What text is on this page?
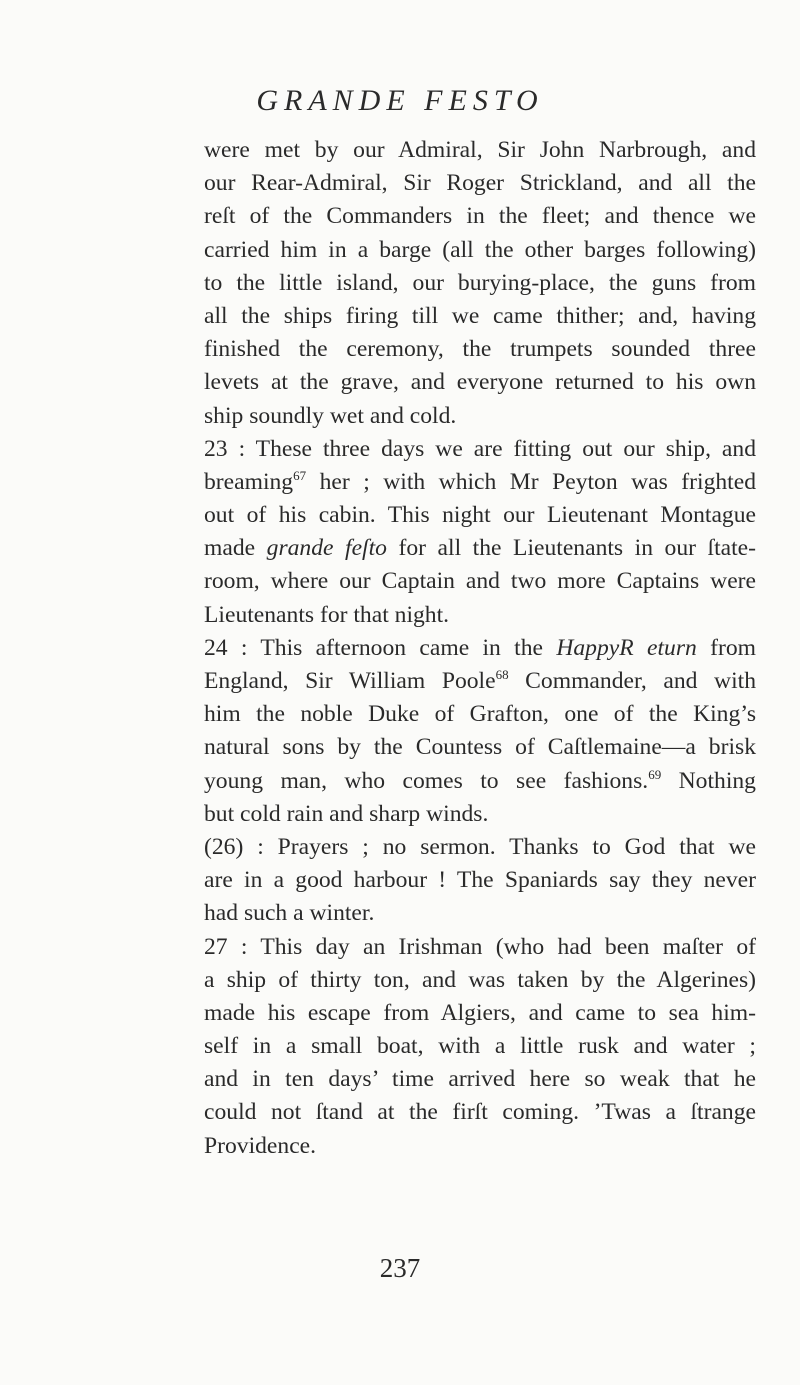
GRANDE FESTO
were met by our Admiral, Sir John Narbrough, and
our Rear-Admiral, Sir Roger Strickland, and all the
reſt of the Commanders in the fleet; and thence we
carried him in a barge (all the other barges following)
to the little island, our burying-place, the guns from
all the ships firing till we came thither; and, having
finished the ceremony, the trumpets sounded three
levets at the grave, and everyone returned to his own
ship soundly wet and cold.
23 : These three days we are fitting out our ship, and
breaming$^{67}$ her ; with which Mr Peyton was frighted
out of his cabin. This night our Lieutenant Montague
made grande feſto for all the Lieutenants in our ſtate-
room, where our Captain and two more Captains were
Lieutenants for that night.
24 : This afternoon came in the HappyR eturn from
England, Sir William Poole$^{68}$ Commander, and with
him the noble Duke of Grafton, one of the King’s
natural sons by the Countess of Caſtlemaine—a brisk
young man, who comes to see fashions.$^{69}$ Nothing
but cold rain and sharp winds.
(26) : Prayers ; no sermon. Thanks to God that we
are in a good harbour ! The Spaniards say they never
had such a winter.
27 : This day an Irishman (who had been maſter of
a ship of thirty ton, and was taken by the Algerines)
made his escape from Algiers, and came to sea him-
self in a small boat, with a little rusk and water ;
and in ten days’ time arrived here so weak that he
could not ſtand at the firſt coming. ’Twas a ſtrange
Providence.
237
